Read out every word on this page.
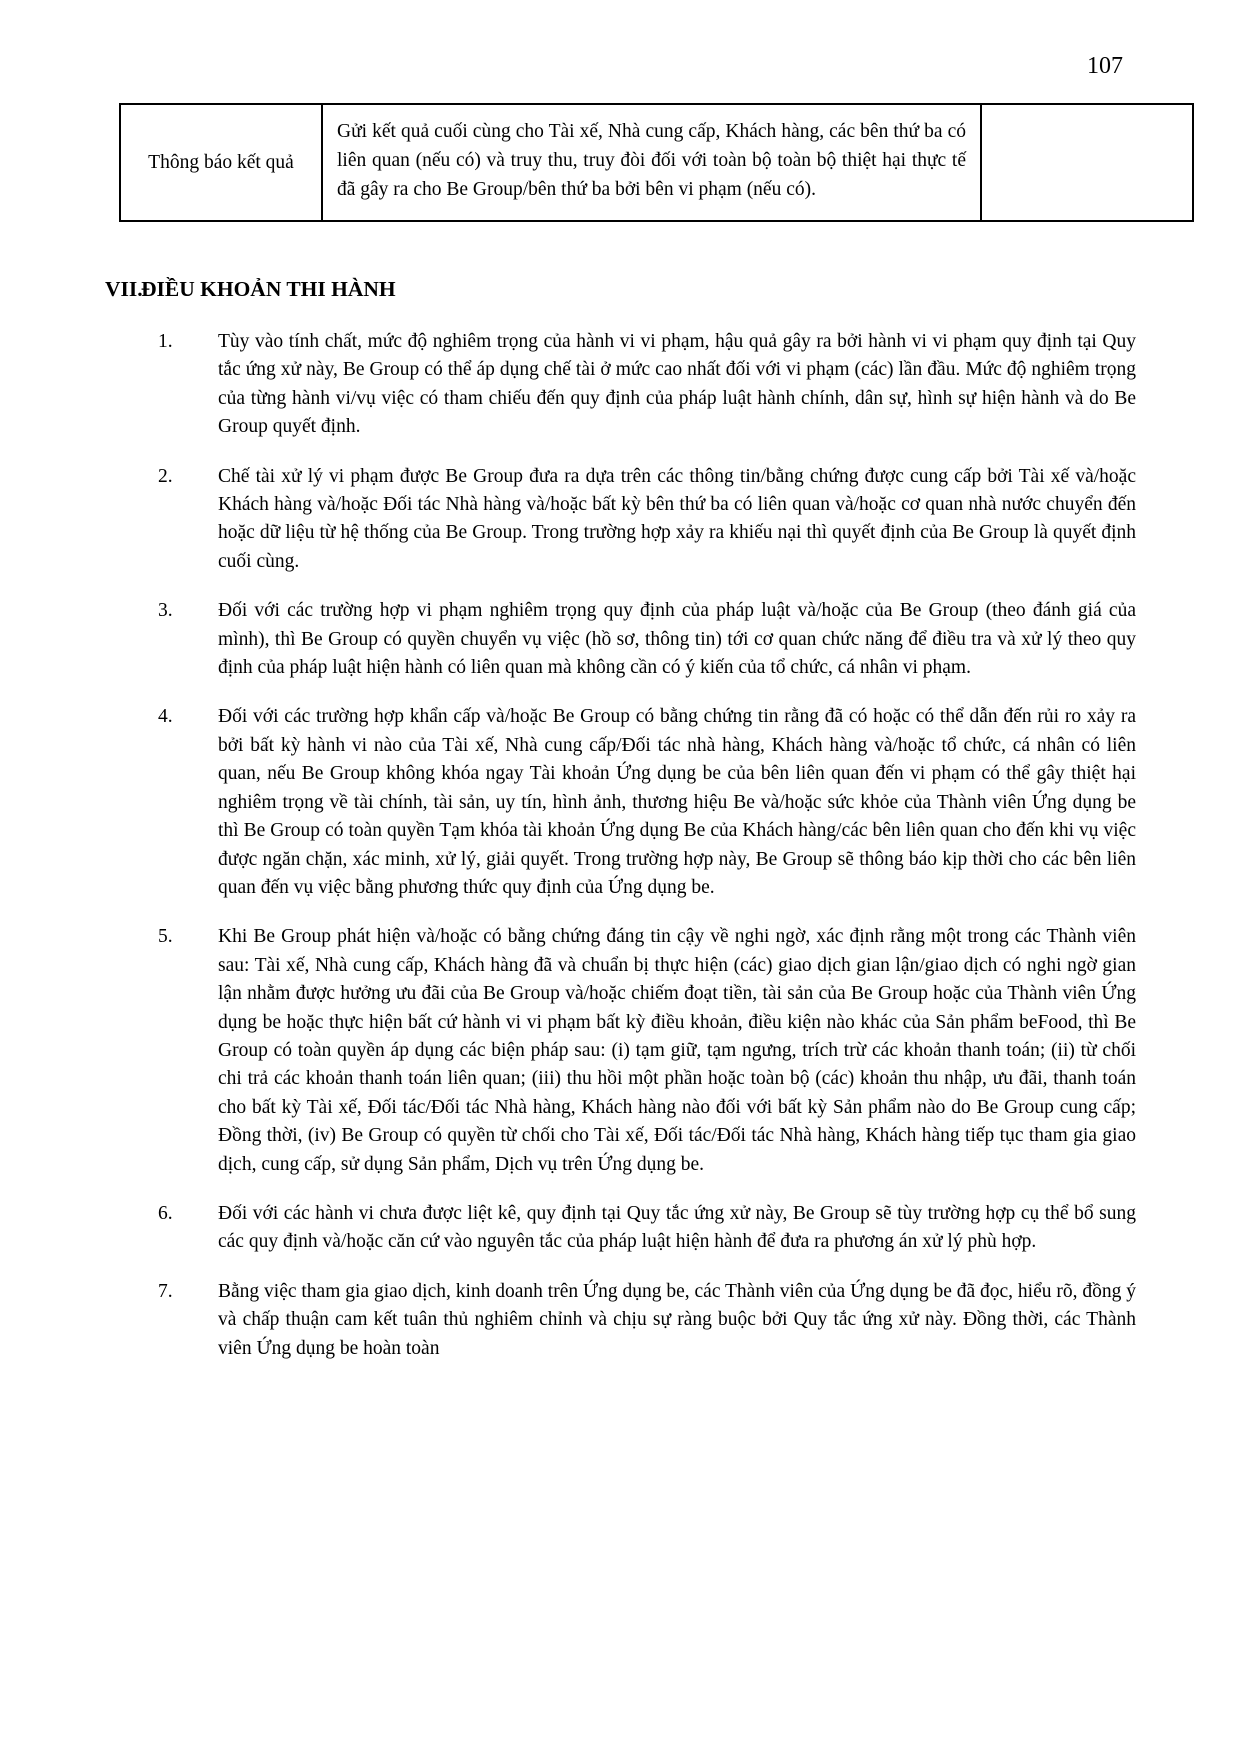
107
Thông báo kết quả	Gửi kết quả cuối cùng cho Tài xế, Nhà cung cấp, Khách hàng, các bên thứ ba có liên quan (nếu có) và truy thu, truy đòi đối với toàn bộ toàn bộ thiệt hại thực tế đã gây ra cho Be Group/bên thứ ba bởi bên vi phạm (nếu có).	
VII.
ĐIỀU KHOẢN THI HÀNH
1.	Tùy vào tính chất, mức độ nghiêm trọng của hành vi vi phạm, hậu quả gây ra bởi hành vi vi phạm quy định tại Quy tắc ứng xử này, Be Group có thể áp dụng chế tài ở mức cao nhất đối với vi phạm (các) lần đầu. Mức độ nghiêm trọng của từng hành vi/vụ việc có tham chiếu đến quy định của pháp luật hành chính, dân sự, hình sự hiện hành và do Be Group quyết định.
2.	Chế tài xử lý vi phạm được Be Group đưa ra dựa trên các thông tin/bằng chứng được cung cấp bởi Tài xế và/hoặc Khách hàng và/hoặc Đối tác Nhà hàng và/hoặc bất kỳ bên thứ ba có liên quan và/hoặc cơ quan nhà nước chuyển đến hoặc dữ liệu từ hệ thống của Be Group. Trong trường hợp xảy ra khiếu nại thì quyết định của Be Group là quyết định cuối cùng.
3.	Đối với các trường hợp vi phạm nghiêm trọng quy định của pháp luật và/hoặc của Be Group (theo đánh giá của mình), thì Be Group có quyền chuyển vụ việc (hồ sơ, thông tin) tới cơ quan chức năng để điều tra và xử lý theo quy định của pháp luật hiện hành có liên quan mà không cần có ý kiến của tổ chức, cá nhân vi phạm.
4.	Đối với các trường hợp khẩn cấp và/hoặc Be Group có bằng chứng tin rằng đã có hoặc có thể dẫn đến rủi ro xảy ra bởi bất kỳ hành vi nào của Tài xế, Nhà cung cấp/Đối tác nhà hàng, Khách hàng và/hoặc tổ chức, cá nhân có liên quan, nếu Be Group không khóa ngay Tài khoản Ứng dụng be của bên liên quan đến vi phạm có thể gây thiệt hại nghiêm trọng về tài chính, tài sản, uy tín, hình ảnh, thương hiệu Be và/hoặc sức khỏe của Thành viên Ứng dụng be thì Be Group có toàn quyền Tạm khóa tài khoản Ứng dụng Be của Khách hàng/các bên liên quan cho đến khi vụ việc được ngăn chặn, xác minh, xử lý, giải quyết. Trong trường hợp này, Be Group sẽ thông báo kịp thời cho các bên liên quan đến vụ việc bằng phương thức quy định của Ứng dụng be.
5.	Khi Be Group phát hiện và/hoặc có bằng chứng đáng tin cậy về nghi ngờ, xác định rằng một trong các Thành viên sau: Tài xế, Nhà cung cấp, Khách hàng đã và chuẩn bị thực hiện (các) giao dịch gian lận/giao dịch có nghi ngờ gian lận nhằm được hưởng ưu đãi của Be Group và/hoặc chiếm đoạt tiền, tài sản của Be Group hoặc của Thành viên Ứng dụng be hoặc thực hiện bất cứ hành vi vi phạm bất kỳ điều khoản, điều kiện nào khác của Sản phẩm beFood, thì Be Group có toàn quyền áp dụng các biện pháp sau: (i) tạm giữ, tạm ngưng, trích trừ các khoản thanh toán; (ii) từ chối chi trả các khoản thanh toán liên quan; (iii) thu hồi một phần hoặc toàn bộ (các) khoản thu nhập, ưu đãi, thanh toán cho bất kỳ Tài xế, Đối tác/Đối tác Nhà hàng, Khách hàng nào đối với bất kỳ Sản phẩm nào do Be Group cung cấp; Đồng thời, (iv) Be Group có quyền từ chối cho Tài xế, Đối tác/Đối tác Nhà hàng, Khách hàng tiếp tục tham gia giao dịch, cung cấp, sử dụng Sản phẩm, Dịch vụ trên Ứng dụng be.
6.	Đối với các hành vi chưa được liệt kê, quy định tại Quy tắc ứng xử này, Be Group sẽ tùy trường hợp cụ thể bổ sung các quy định và/hoặc căn cứ vào nguyên tắc của pháp luật hiện hành để đưa ra phương án xử lý phù hợp.
7.	Bằng việc tham gia giao dịch, kinh doanh trên Ứng dụng be, các Thành viên của Ứng dụng be đã đọc, hiểu rõ, đồng ý và chấp thuận cam kết tuân thủ nghiêm chỉnh và chịu sự ràng buộc bởi Quy tắc ứng xử này. Đồng thời, các Thành viên Ứng dụng be hoàn toàn
